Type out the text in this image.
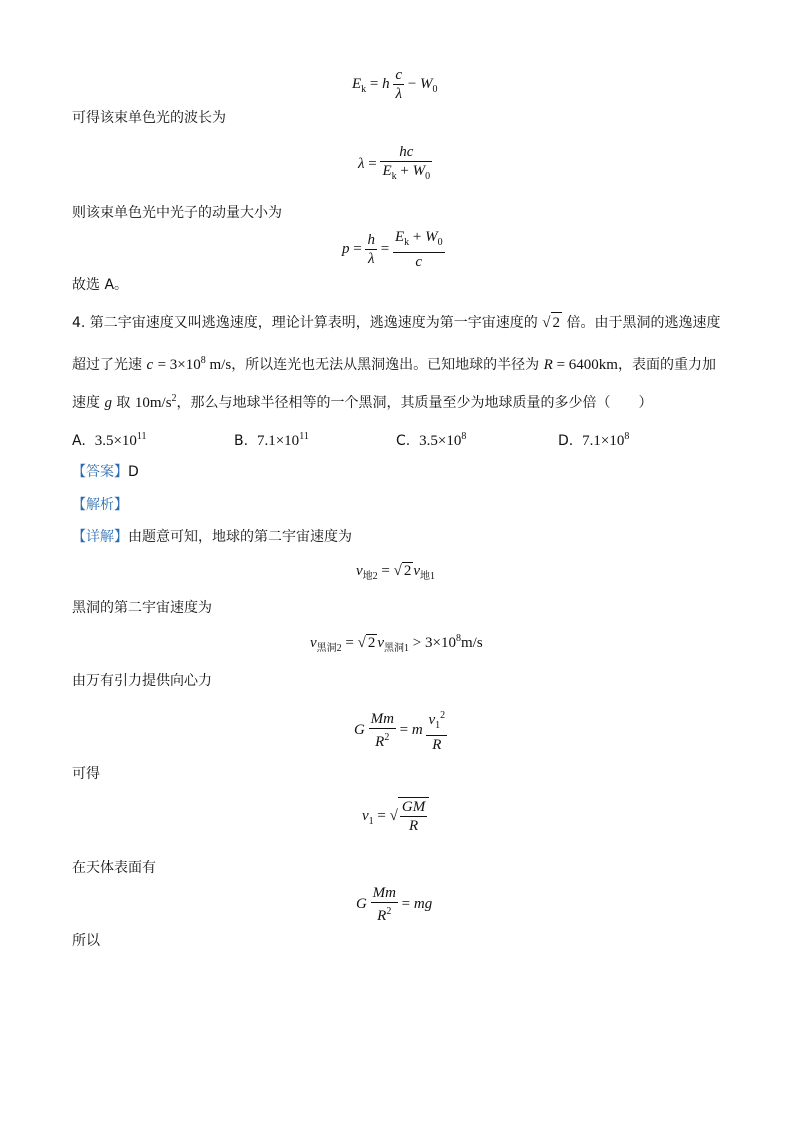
$E_k = h \frac{c}{\lambda} - W_0$
可得该束单色光的波长为
$\lambda = \frac{hc}{E_k + W_0}$
则该束单色光中光子的动量大小为
$p = \frac{h}{\lambda} = \frac{E_k + W_0}{c}$
故选 A。
4. 第二宇宙速度又叫逃逸速度，理论计算表明，逃逸速度为第一宇宙速度的 √ 2 倍。由于黑洞的逃逸速度
超过了光速 $c = 3\times 10^8$ m/s，所以连光也无法从黑洞逸出。已知地球的半径为 R = 6400km，表面的重力加
速度 g 取 $10m/s^2$，那么与地球半径相等的一个黑洞，其质量至少为地球质量的多少倍（　　）
A. $3.5\times 10^{11}$	B. $7.1\times 10^{11}$	C. $3.5\times 10^8$	D. $7.1\times 10^8$
【答案】D
【解析】
【详解】由题意可知，地球的第二宇宙速度为
$v_{地2}$ = √ 2 $v_{地1}$
黑洞的第二宇宙速度为
$v_{黑洞2}$ = √ 2 $v_{黑洞1} > 3\times 10^8m/s$
由万有引力提供向心力
G $\frac{Mm}{R^2} = m \frac{v_1^2}{R}$
可得
$v_1$ = √ $\frac{GM}{R}$
在天体表面有
G $\frac{Mm}{R^2}$ = mg
所以
